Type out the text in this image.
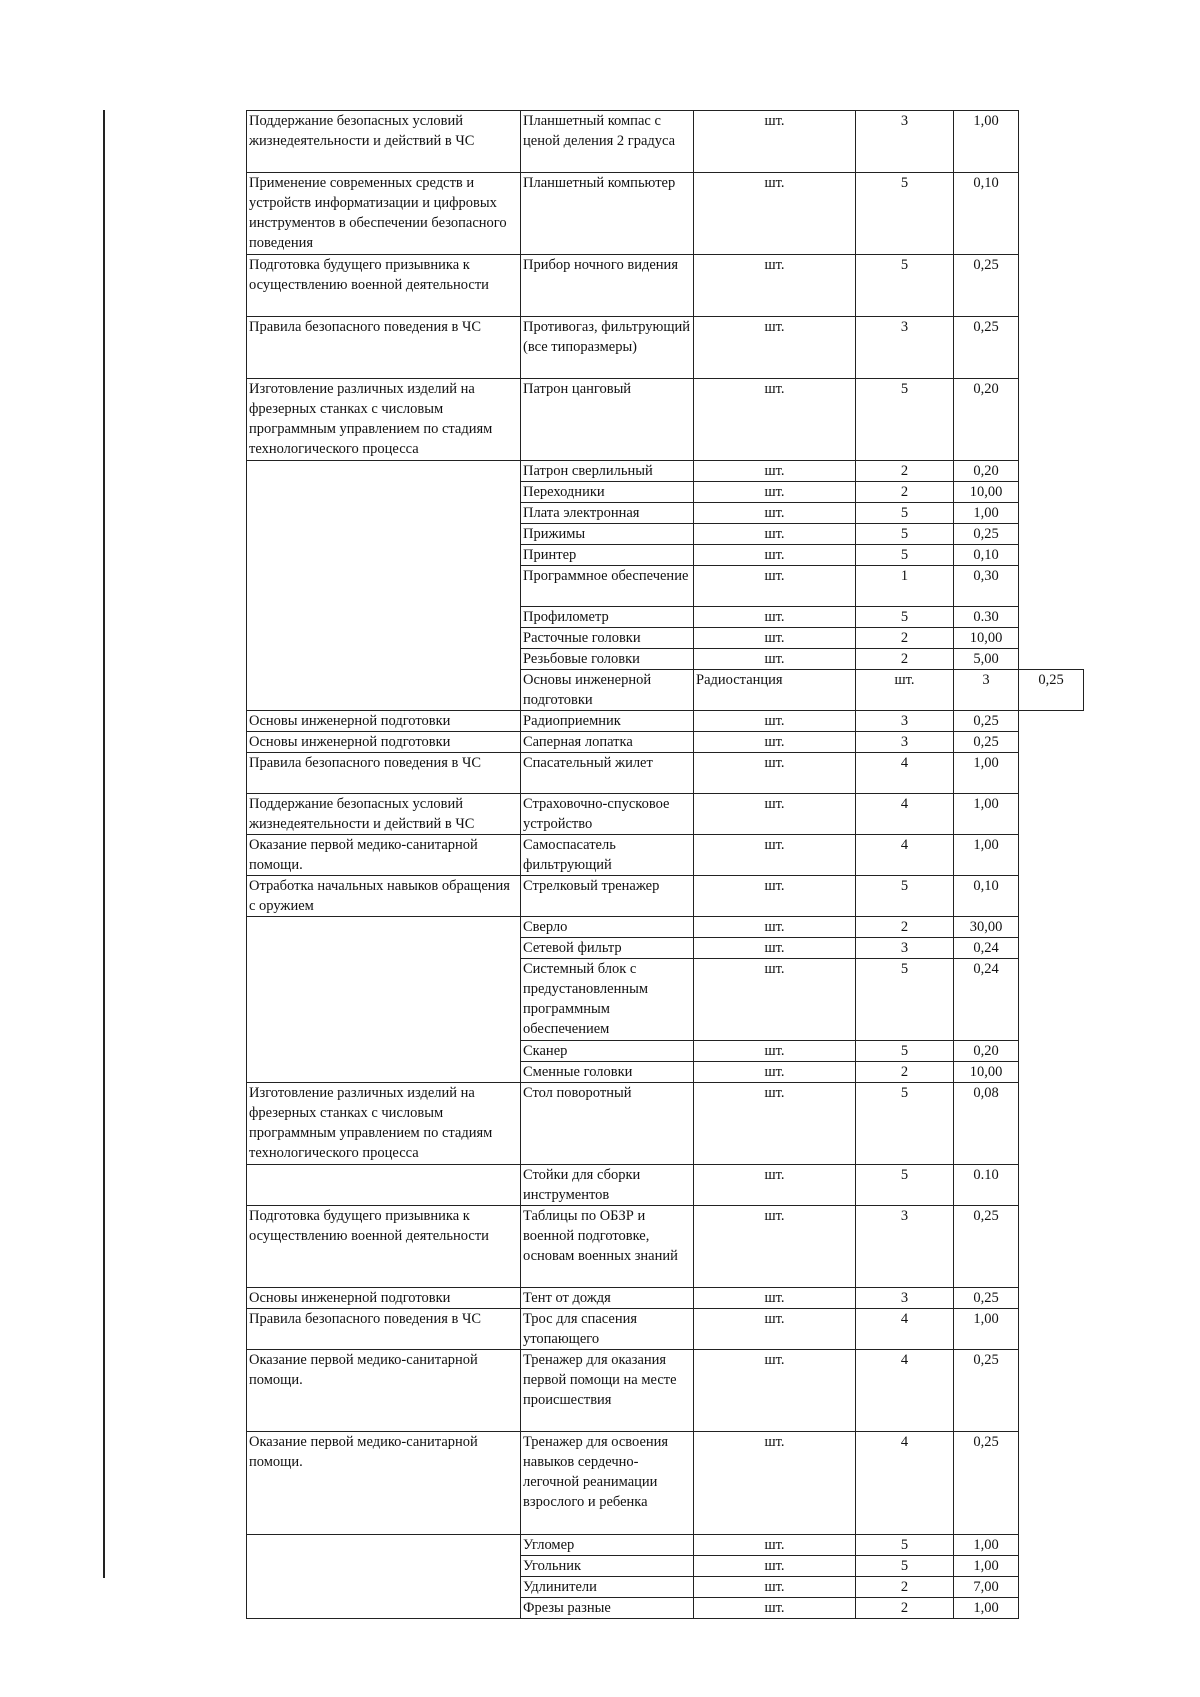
Поддержание безопасных условий жизнедеятельности и действий в ЧС	Планшетный компас с ценой деления 2 градуса	шт.	3	1,00	
Применение современных средств и устройств информатизации и цифровых инструментов в обеспечении безопасного поведения	Планшетный компьютер	шт.	5	0,10	
Подготовка будущего призывника к осуществлению военной деятельности	Прибор ночного видения	шт.	5	0,25	
Правила безопасного поведения в ЧС	Противогаз, фильтрующий (все типоразмеры)	шт.	3	0,25	
Изготовление различных изделий на фрезерных станках с числовым программным управлением по стадиям технологического процесса	Патрон цанговый	шт.	5	0,20	
	Патрон сверлильный	шт.	2	0,20	
	Переходники	шт.	2	10,00	
	Плата электронная	шт.	5	1,00	
	Прижимы	шт.	5	0,25	
	Принтер	шт.	5	0,10	
	Программное обеспечение	шт.	1	0,30	
	Профилометр	шт.	5	0.30	
	Расточные головки	шт.	2	10,00	
	Резьбовые головки	шт.	2	5,00	
	Основы инженерной подготовки	Радиостанция	шт.	3	0,25
Основы инженерной подготовки	Радиоприемник	шт.	3	0,25	
Основы инженерной подготовки	Саперная лопатка	шт.	3	0,25	
Правила безопасного поведения в ЧС	Спасательный жилет	шт.	4	1,00	
Поддержание безопасных условий жизнедеятельности и действий в ЧС	Страховочно-спусковое устройство	шт.	4	1,00	
Оказание первой медико-санитарной помощи.	Самоспасатель фильтрующий	шт.	4	1,00	
Отработка начальных навыков обращения с оружием	Стрелковый тренажер	шт.	5	0,10	
	Сверло	шт.	2	30,00	
	Сетевой фильтр	шт.	3	0,24	
	Системный блок с предустановленным программным обеспечением	шт.	5	0,24	
	Сканер	шт.	5	0,20	
	Сменные головки	шт.	2	10,00	
Изготовление различных изделий на фрезерных станках с числовым программным управлением по стадиям технологического процесса	Стол поворотный	шт.	5	0,08	
	Стойки для сборки инструментов	шт.	5	0.10	
Подготовка будущего призывника к осуществлению военной деятельности	Таблицы по ОБЗР и военной подготовке, основам военных знаний	шт.	3	0,25	
Основы инженерной подготовки	Тент от дождя	шт.	3	0,25	
Правила безопасного поведения в ЧС	Трос для спасения утопающего	шт.	4	1,00	
Оказание первой медико-санитарной помощи.	Тренажер для оказания первой помощи на месте происшествия	шт.	4	0,25	
Оказание первой медико-санитарной помощи.	Тренажер для освоения навыков сердечно-легочной реанимации взрослого и ребенка	шт.	4	0,25	
	Угломер	шт.	5	1,00	
	Угольник	шт.	5	1,00	
	Удлинители	шт.	2	7,00	
	Фрезы разные	шт.	2	1,00	
